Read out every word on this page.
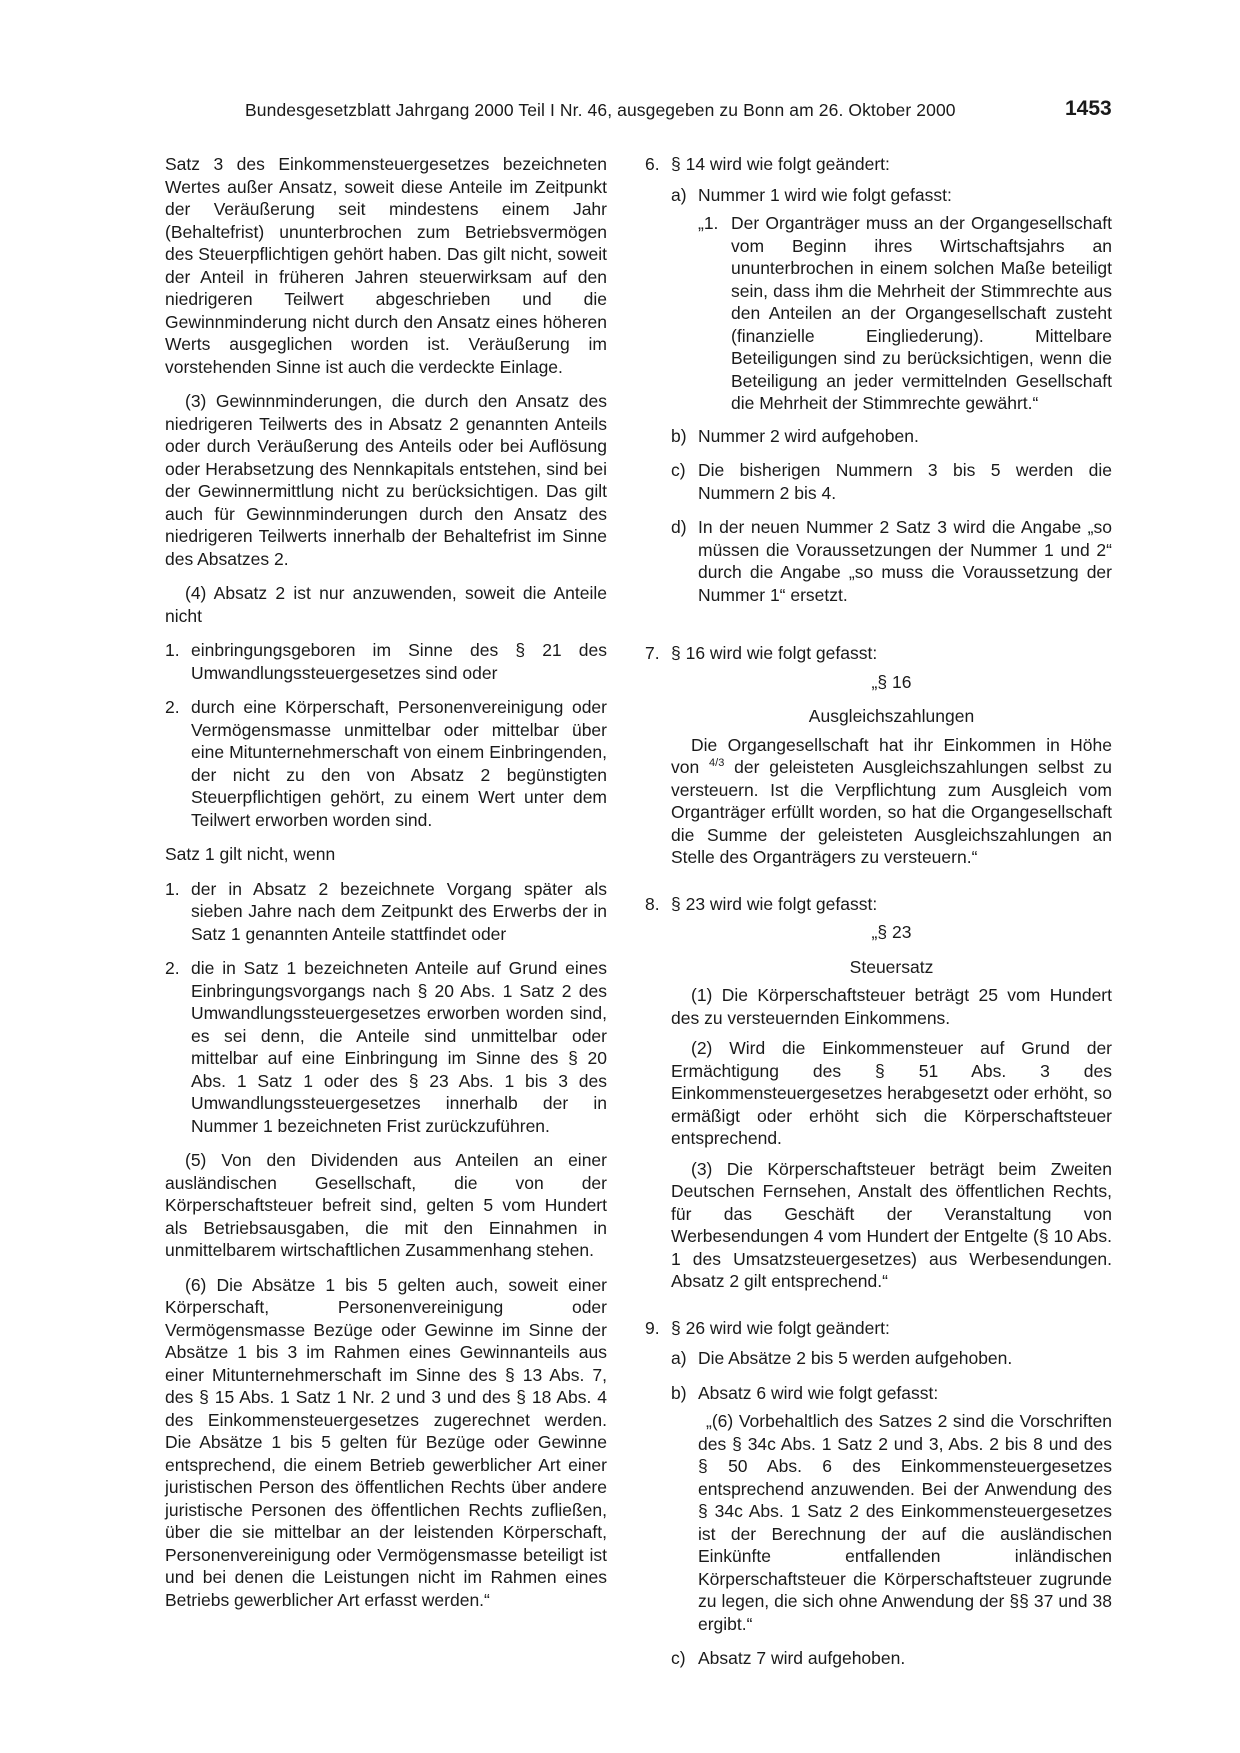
Bundesgesetzblatt Jahrgang 2000 Teil I Nr. 46, ausgegeben zu Bonn am 26. Oktober 2000	1453

Satz 3 des Einkommensteuergesetzes bezeichneten Wertes außer Ansatz, soweit diese Anteile im Zeitpunkt der Veräußerung seit mindestens einem Jahr (Behaltefrist) ununterbrochen zum Betriebsvermögen des Steuerpflichtigen gehört haben. Das gilt nicht, soweit der Anteil in früheren Jahren steuerwirksam auf den niedrigeren Teilwert abgeschrieben und die Gewinnminderung nicht durch den Ansatz eines höheren Werts ausgeglichen worden ist. Veräußerung im vorstehenden Sinne ist auch die verdeckte Einlage.

(3) Gewinnminderungen, die durch den Ansatz des niedrigeren Teilwerts des in Absatz 2 genannten Anteils oder durch Veräußerung des Anteils oder bei Auflösung oder Herabsetzung des Nennkapitals entstehen, sind bei der Gewinnermittlung nicht zu berücksichtigen. Das gilt auch für Gewinnminderungen durch den Ansatz des niedrigeren Teilwerts innerhalb der Behaltefrist im Sinne des Absatzes 2.

(4) Absatz 2 ist nur anzuwenden, soweit die Anteile nicht

1. einbringungsgeboren im Sinne des § 21 des Umwandlungssteuergesetzes sind oder
2. durch eine Körperschaft, Personenvereinigung oder Vermögensmasse unmittelbar oder mittelbar über eine Mitunternehmerschaft von einem Einbringenden, der nicht zu den von Absatz 2 begünstigten Steuerpflichtigen gehört, zu einem Wert unter dem Teilwert erworben worden sind.

Satz 1 gilt nicht, wenn

1. der in Absatz 2 bezeichnete Vorgang später als sieben Jahre nach dem Zeitpunkt des Erwerbs der in Satz 1 genannten Anteile stattfindet oder
2. die in Satz 1 bezeichneten Anteile auf Grund eines Einbringungsvorgangs nach § 20 Abs. 1 Satz 2 des Umwandlungssteuergesetzes erworben worden sind, es sei denn, die Anteile sind unmittelbar oder mittelbar auf eine Einbringung im Sinne des § 20 Abs. 1 Satz 1 oder des § 23 Abs. 1 bis 3 des Umwandlungssteuergesetzes innerhalb der in Nummer 1 bezeichneten Frist zurückzuführen.

(5) Von den Dividenden aus Anteilen an einer ausländischen Gesellschaft, die von der Körperschaftsteuer befreit sind, gelten 5 vom Hundert als Betriebsausgaben, die mit den Einnahmen in unmittelbarem wirtschaftlichen Zusammenhang stehen.

(6) Die Absätze 1 bis 5 gelten auch, soweit einer Körperschaft, Personenvereinigung oder Vermögensmasse Bezüge oder Gewinne im Sinne der Absätze 1 bis 3 im Rahmen eines Gewinnanteils aus einer Mitunternehmerschaft im Sinne des § 13 Abs. 7, des § 15 Abs. 1 Satz 1 Nr. 2 und 3 und des § 18 Abs. 4 des Einkommensteuergesetzes zugerechnet werden. Die Absätze 1 bis 5 gelten für Bezüge oder Gewinne entsprechend, die einem Betrieb gewerblicher Art einer juristischen Person des öffentlichen Rechts über andere juristische Personen des öffentlichen Rechts zufließen, über die sie mittelbar an der leistenden Körperschaft, Personenvereinigung oder Vermögensmasse beteiligt ist und bei denen die Leistungen nicht im Rahmen eines Betriebs gewerblicher Art erfasst werden.“

6. § 14 wird wie folgt geändert:
a) Nummer 1 wird wie folgt gefasst:
„1. Der Organträger muss an der Organgesellschaft vom Beginn ihres Wirtschaftsjahrs an ununterbrochen in einem solchen Maße beteiligt sein, dass ihm die Mehrheit der Stimmrechte aus den Anteilen an der Organgesellschaft zusteht (finanzielle Eingliederung). Mittelbare Beteiligungen sind zu berücksichtigen, wenn die Beteiligung an jeder vermittelnden Gesellschaft die Mehrheit der Stimmrechte gewährt.“
b) Nummer 2 wird aufgehoben.
c) Die bisherigen Nummern 3 bis 5 werden die Nummern 2 bis 4.
d) In der neuen Nummer 2 Satz 3 wird die Angabe „so müssen die Voraussetzungen der Nummer 1 und 2“ durch die Angabe „so muss die Voraussetzung der Nummer 1“ ersetzt.
7. § 16 wird wie folgt gefasst:
„§ 16
Ausgleichszahlungen

Die Organgesellschaft hat ihr Einkommen in Höhe von $^{4/3}$ der geleisteten Ausgleichszahlungen selbst zu versteuern. Ist die Verpflichtung zum Ausgleich vom Organträger erfüllt worden, so hat die Organgesellschaft die Summe der geleisteten Ausgleichszahlungen an Stelle des Organträgers zu versteuern.“

8. § 23 wird wie folgt gefasst:
„§ 23
Steuersatz

(1) Die Körperschaftsteuer beträgt 25 vom Hundert des zu versteuernden Einkommens.

(2) Wird die Einkommensteuer auf Grund der Ermächtigung des § 51 Abs. 3 des Einkommensteuergesetzes herabgesetzt oder erhöht, so ermäßigt oder erhöht sich die Körperschaftsteuer entsprechend.

(3) Die Körperschaftsteuer beträgt beim Zweiten Deutschen Fernsehen, Anstalt des öffentlichen Rechts, für das Geschäft der Veranstaltung von Werbesendungen 4 vom Hundert der Entgelte (§ 10 Abs. 1 des Umsatzsteuergesetzes) aus Werbesendungen. Absatz 2 gilt entsprechend.“

9. § 26 wird wie folgt geändert:
a) Die Absätze 2 bis 5 werden aufgehoben.
b) Absatz 6 wird wie folgt gefasst:

„(6) Vorbehaltlich des Satzes 2 sind die Vorschriften des § 34c Abs. 1 Satz 2 und 3, Abs. 2 bis 8 und des § 50 Abs. 6 des Einkommensteuergesetzes entsprechend anzuwenden. Bei der Anwendung des § 34c Abs. 1 Satz 2 des Einkommensteuergesetzes ist der Berechnung der auf die ausländischen Einkünfte entfallenden inländischen Körperschaftsteuer die Körperschaftsteuer zugrunde zu legen, die sich ohne Anwendung der §§ 37 und 38 ergibt.“

c) Absatz 7 wird aufgehoben.
